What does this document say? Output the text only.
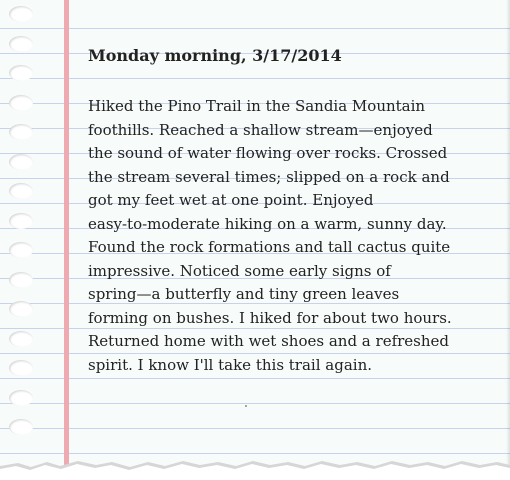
Monday morning, 3/17/2014
Hiked the Pino Trail in the Sandia Mountain
foothills. Reached a shallow stream—enjoyed
the sound of water flowing over rocks. Crossed
the stream several times; slipped on a rock and
got my feet wet at one point. Enjoyed
easy-to-moderate hiking on a warm, sunny day.
Found the rock formations and tall cactus quite
impressive. Noticed some early signs of
spring—a butterfly and tiny green leaves
forming on bushes. I hiked for about two hours.
Returned home with wet shoes and a refreshed
spirit. I know I'll take this trail again.
